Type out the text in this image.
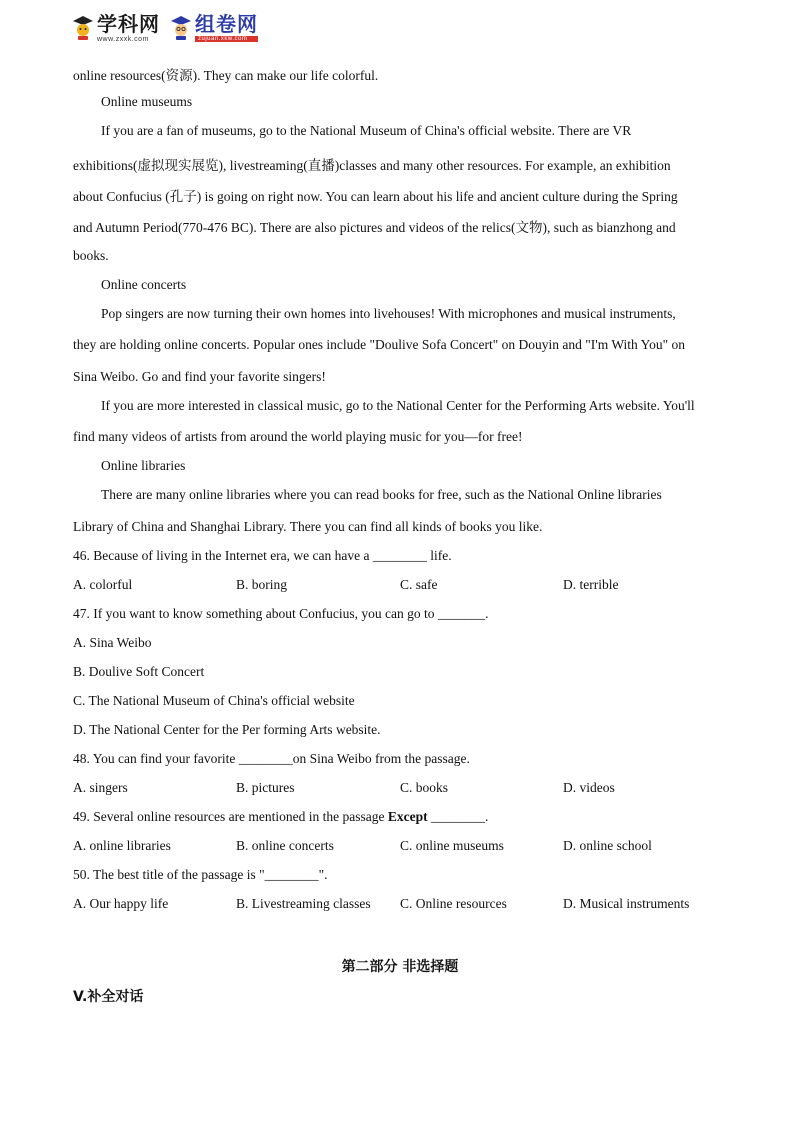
学科网
www.zxxk.com
组卷网
zujuan.xkw.com
online resources(资源). They can make our life colorful.
Online museums
If you are a fan of museums, go to the National Museum of China's official website. There are VR
exhibitions(虚拟现实展览), livestreaming(直播)classes and many other resources. For example, an exhibition
about Confucius (孔子) is going on right now. You can learn about his life and ancient culture during the Spring
and Autumn Period(770-476 BC). There are also pictures and videos of the relics(文物), such as bianzhong and
books.
Online concerts
Pop singers are now turning their own homes into livehouses! With microphones and musical instruments,
they are holding online concerts. Popular ones include "Doulive Sofa Concert" on Douyin and "I'm With You" on
Sina Weibo. Go and find your favorite singers!
If you are more interested in classical music, go to the National Center for the Performing Arts website. You'll
find many videos of artists from around the world playing music for you—for free!
Online libraries
There are many online libraries where you can read books for free, such as the National Online libraries
Library of China and Shanghai Library. There you can find all kinds of books you like.
46. Because of living in the Internet era, we can have a ________ life.
A. colorful	B. boring	C. safe	D. terrible
47. If you want to know something about Confucius, you can go to _______.
A. Sina Weibo
B. Doulive Soft Concert
C. The National Museum of China's official website
D. The National Center for the Per forming Arts website.
48. You can find your favorite ________on Sina Weibo from the passage.
A. singers	B. pictures	C. books	D. videos
49. Several online resources are mentioned in the passage Except ________.
A. online libraries	B. online concerts	C. online museums	D. online school
50. The best title of the passage is "________".
A. Our happy life	B. Livestreaming classes C. Online resources	D. Musical instruments
第二部分 非选择题
V.补全对话
